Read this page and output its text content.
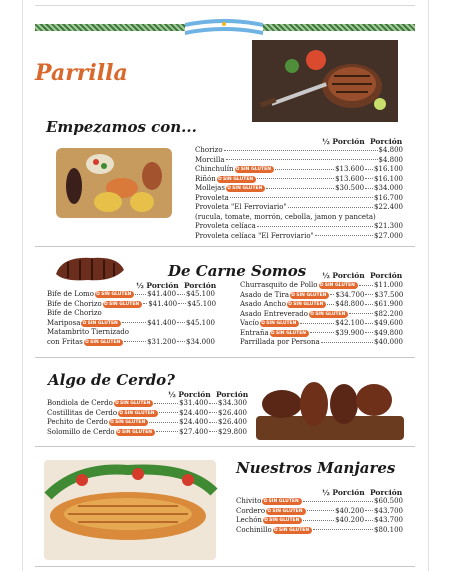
Parrilla
Empezamos con...
½ Porción Porción
Chorizo	$4.800
Morcilla	$4.800
Chinchulín	✿ SIN GLUTEN	$13.600 $16.100
Riñón	✿ SIN GLUTEN	$13.600 $16.100
Mollejas	✿ SIN GLUTEN	$30.500 $34.000
Provoleta	$16.700
Provoleta "El Ferroviario"	$22.400
(rucula, tomate, morrón, cebolla, jamon y panceta)
Provoleta celíaca	$21.300
Provoleta celíaca "El Ferroviario"	$27.000
De Carne Somos
½ Porción Porción
½ Porción Porción
Bife de Lomo	✿ SIN GLUTEN	$41.400 $45.100
Bife de Chorizo	✿ SIN GLUTEN	$41.400 $45.100
Bife de Chorizo
Mariposa	✿ SIN GLUTEN	$41.400 $45.100
Matambrito Tiernizado
con Fritas	✿ SIN GLUTEN	$31.200 $34.000
Churrasquito de Pollo	✿ SIN GLUTEN	$11.000
Asado de Tira	✿ SIN GLUTEN	$34.700 $37.500
Asado Ancho	✿ SIN GLUTEN	$48.800 $61.900
Asado Entreverado	✿ SIN GLUTEN	$82.200
Vacío	✿ SIN GLUTEN	$42.100 $49.600
Entraña	✿ SIN GLUTEN	$39.900 $49.800
Parrillada por Persona	$40.000
Algo de Cerdo?
½ Porción Porción
Bondiola de Cerdo	✿ SIN GLUTEN	$31.400 $34.300
Costillitas de Cerdo	✿ SIN GLUTEN	$24.400 $26.400
Pechito de Cerdo	✿ SIN GLUTEN	$24.400 $26.400
Solomillo de Cerdo	✿ SIN GLUTEN	$27.400 $29.800
Nuestros Manjares
½ Porción Porción
Chivito	✿ SIN GLUTEN	$60.500
Cordero	✿ SIN GLUTEN	$40.200 $43.700
Lechón	✿ SIN GLUTEN	$40.200 $43.700
Cochinillo	✿ SIN GLUTEN	$80.100
